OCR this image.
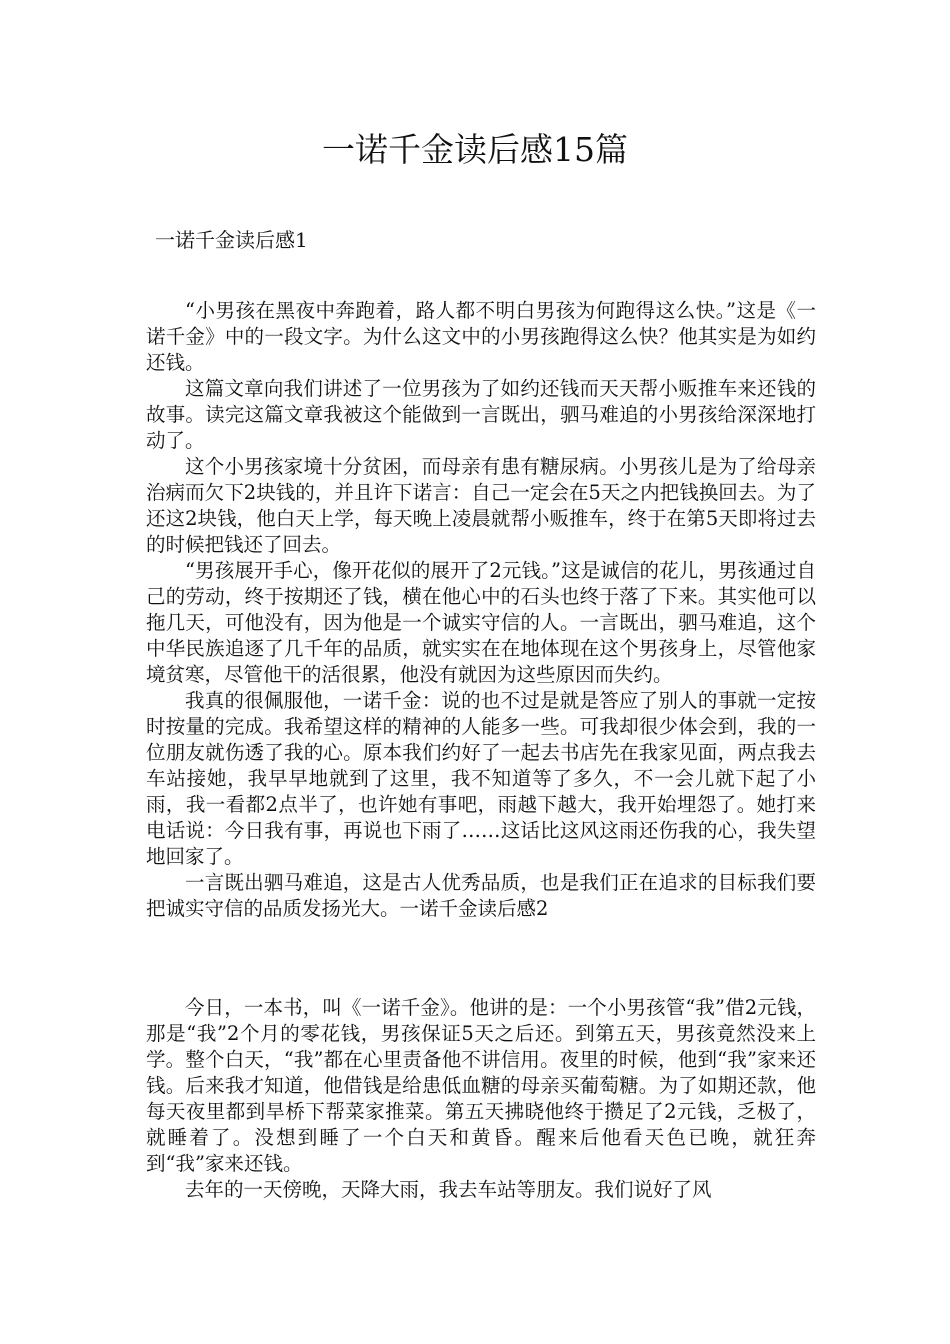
一诺千金读后感15篇
一诺千金读后感1

“小男孩在黑夜中奔跑着，路人都不明白男孩为何跑得这么快。”这是《一诺千金》中的一段文字。为什么这文中的小男孩跑得这么快？他其实是为如约还钱。

这篇文章向我们讲述了一位男孩为了如约还钱而天天帮小贩推车来还钱的故事。读完这篇文章我被这个能做到一言既出，驷马难追的小男孩给深深地打动了。

这个小男孩家境十分贫困，而母亲有患有糖尿病。小男孩儿是为了给母亲治病而欠下2块钱的，并且许下诺言：自己一定会在5天之内把钱换回去。为了还这2块钱，他白天上学，每天晚上凌晨就帮小贩推车，终于在第5天即将过去的时候把钱还了回去。

“男孩展开手心，像开花似的展开了2元钱。”这是诚信的花儿，男孩通过自己的劳动，终于按期还了钱，横在他心中的石头也终于落了下来。其实他可以拖几天，可他没有，因为他是一个诚实守信的人。一言既出，驷马难追，这个中华民族追逐了几千年的品质，就实实在在地体现在这个男孩身上，尽管他家境贫寒，尽管他干的活很累，他没有就因为这些原因而失约。

我真的很佩服他，一诺千金：说的也不过是就是答应了别人的事就一定按时按量的完成。我希望这样的精神的人能多一些。可我却很少体会到，我的一位朋友就伤透了我的心。原本我们约好了一起去书店先在我家见面，两点我去车站接她，我早早地就到了这里，我不知道等了多久，不一会儿就下起了小雨，我一看都2点半了，也许她有事吧，雨越下越大，我开始埋怨了。她打来电话说：今日我有事，再说也下雨了……这话比这风这雨还伤我的心，我失望地回家了。

一言既出驷马难追，这是古人优秀品质，也是我们正在追求的目标我们要把诚实守信的品质发扬光大。一诺千金读后感2

今日，一本书，叫《一诺千金》。他讲的是：一个小男孩管“我”借2元钱，那是“我”2个月的零花钱，男孩保证5天之后还。到第五天，男孩竟然没来上学。整个白天，“我”都在心里责备他不讲信用。夜里的时候，他到“我”家来还钱。后来我才知道，他借钱是给患低血糖的母亲买葡萄糖。为了如期还款，他每天夜里都到旱桥下帮菜家推菜。第五天拂晓他终于攒足了2元钱，乏极了，就睡着了。没想到睡了一个白天和黄昏。醒来后他看天色已晚，就狂奔到“我”家来还钱。

去年的一天傍晚，天降大雨，我去车站等朋友。我们说好了风
